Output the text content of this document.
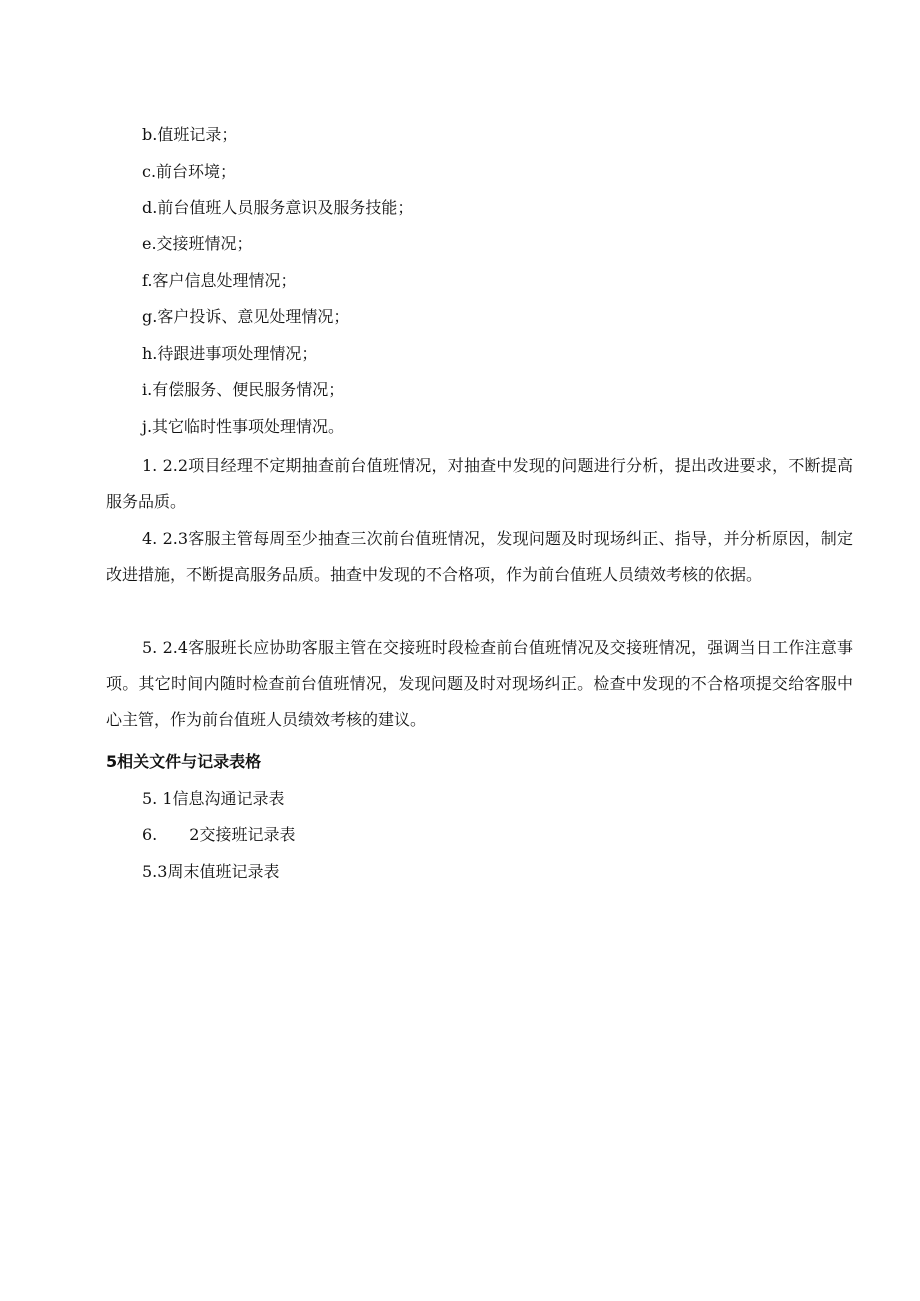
b.值班记录；

c.前台环境；

d.前台值班人员服务意识及服务技能；

e.交接班情况；

f.客户信息处理情况；

g.客户投诉、意见处理情况；

h.待跟进事项处理情况；

i.有偿服务、便民服务情况；

j.其它临时性事项处理情况。

1. 2.2项目经理不定期抽查前台值班情况，对抽查中发现的问题进行分析，提出改进要求，不断提高服务品质。

4. 2.3客服主管每周至少抽查三次前台值班情况，发现问题及时现场纠正、指导，并分析原因，制定改进措施，不断提高服务品质。抽查中发现的不合格项，作为前台值班人员绩效考核的依据。

5. 2.4客服班长应协助客服主管在交接班时段检查前台值班情况及交接班情况，强调当日工作注意事项。其它时间内随时检查前台值班情况，发现问题及时对现场纠正。检查中发现的不合格项提交给客服中心主管，作为前台值班人员绩效考核的建议。

5相关文件与记录表格

5. 1信息沟通记录表

6.　　2交接班记录表

5.3周末值班记录表
